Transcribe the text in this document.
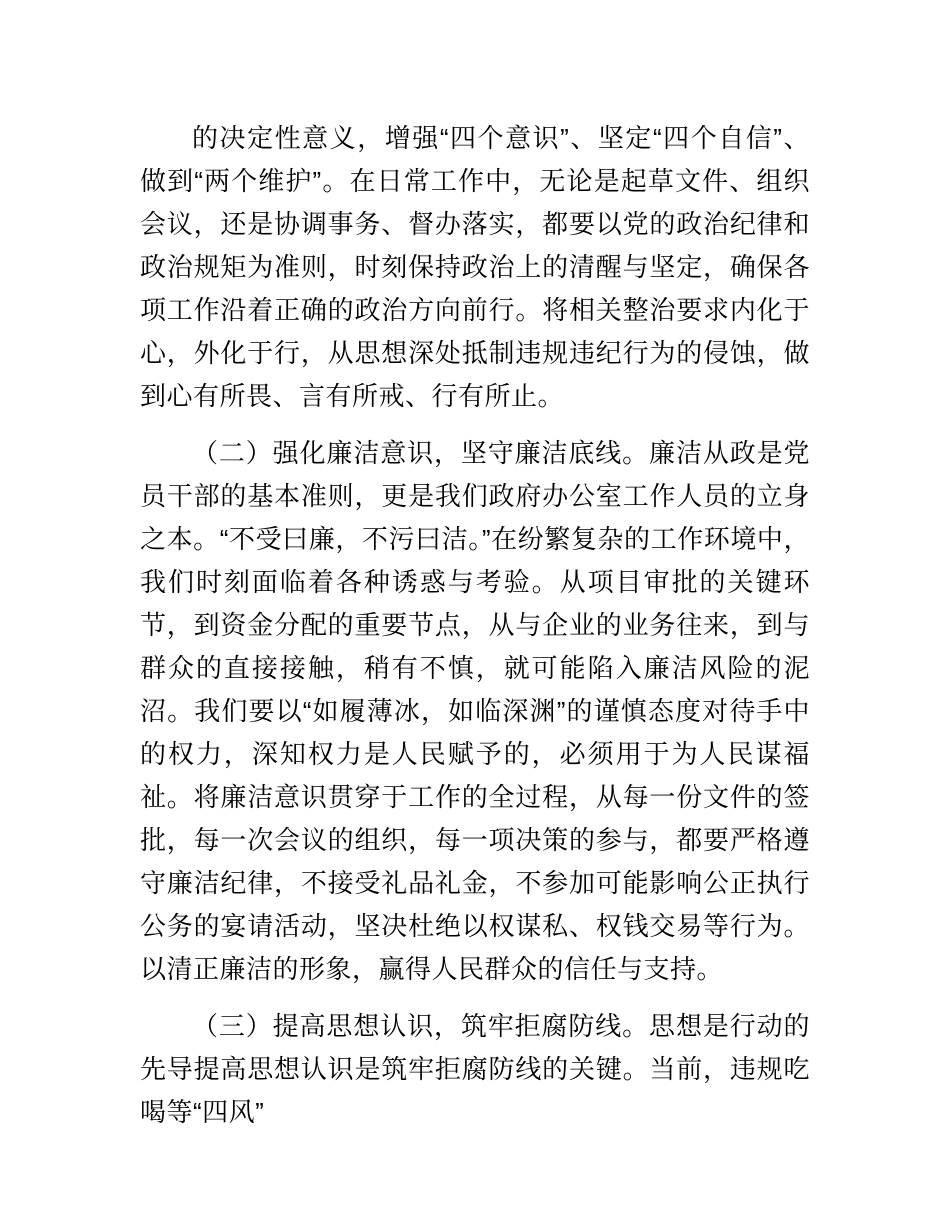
的决定性意义，增强“四个意识”、坚定“四个自信”、做到“两个维护”。在日常工作中，无论是起草文件、组织会议，还是协调事务、督办落实，都要以党的政治纪律和政治规矩为准则，时刻保持政治上的清醒与坚定，确保各项工作沿着正确的政治方向前行。将相关整治要求内化于心，外化于行，从思想深处抵制违规违纪行为的侵蚀，做到心有所畏、言有所戒、行有所止。

（二）强化廉洁意识，坚守廉洁底线。廉洁从政是党员干部的基本准则，更是我们政府办公室工作人员的立身之本。“不受曰廉，不污曰洁。”在纷繁复杂的工作环境中，我们时刻面临着各种诱惑与考验。从项目审批的关键环节，到资金分配的重要节点，从与企业的业务往来，到与群众的直接接触，稍有不慎，就可能陷入廉洁风险的泥沼。我们要以“如履薄冰，如临深渊”的谨慎态度对待手中的权力，深知权力是人民赋予的，必须用于为人民谋福祉。将廉洁意识贯穿于工作的全过程，从每一份文件的签批，每一次会议的组织，每一项决策的参与，都要严格遵守廉洁纪律，不接受礼品礼金，不参加可能影响公正执行公务的宴请活动，坚决杜绝以权谋私、权钱交易等行为。以清正廉洁的形象，赢得人民群众的信任与支持。

（三）提高思想认识，筑牢拒腐防线。思想是行动的先导提高思想认识是筑牢拒腐防线的关键。当前，违规吃喝等“四风”
